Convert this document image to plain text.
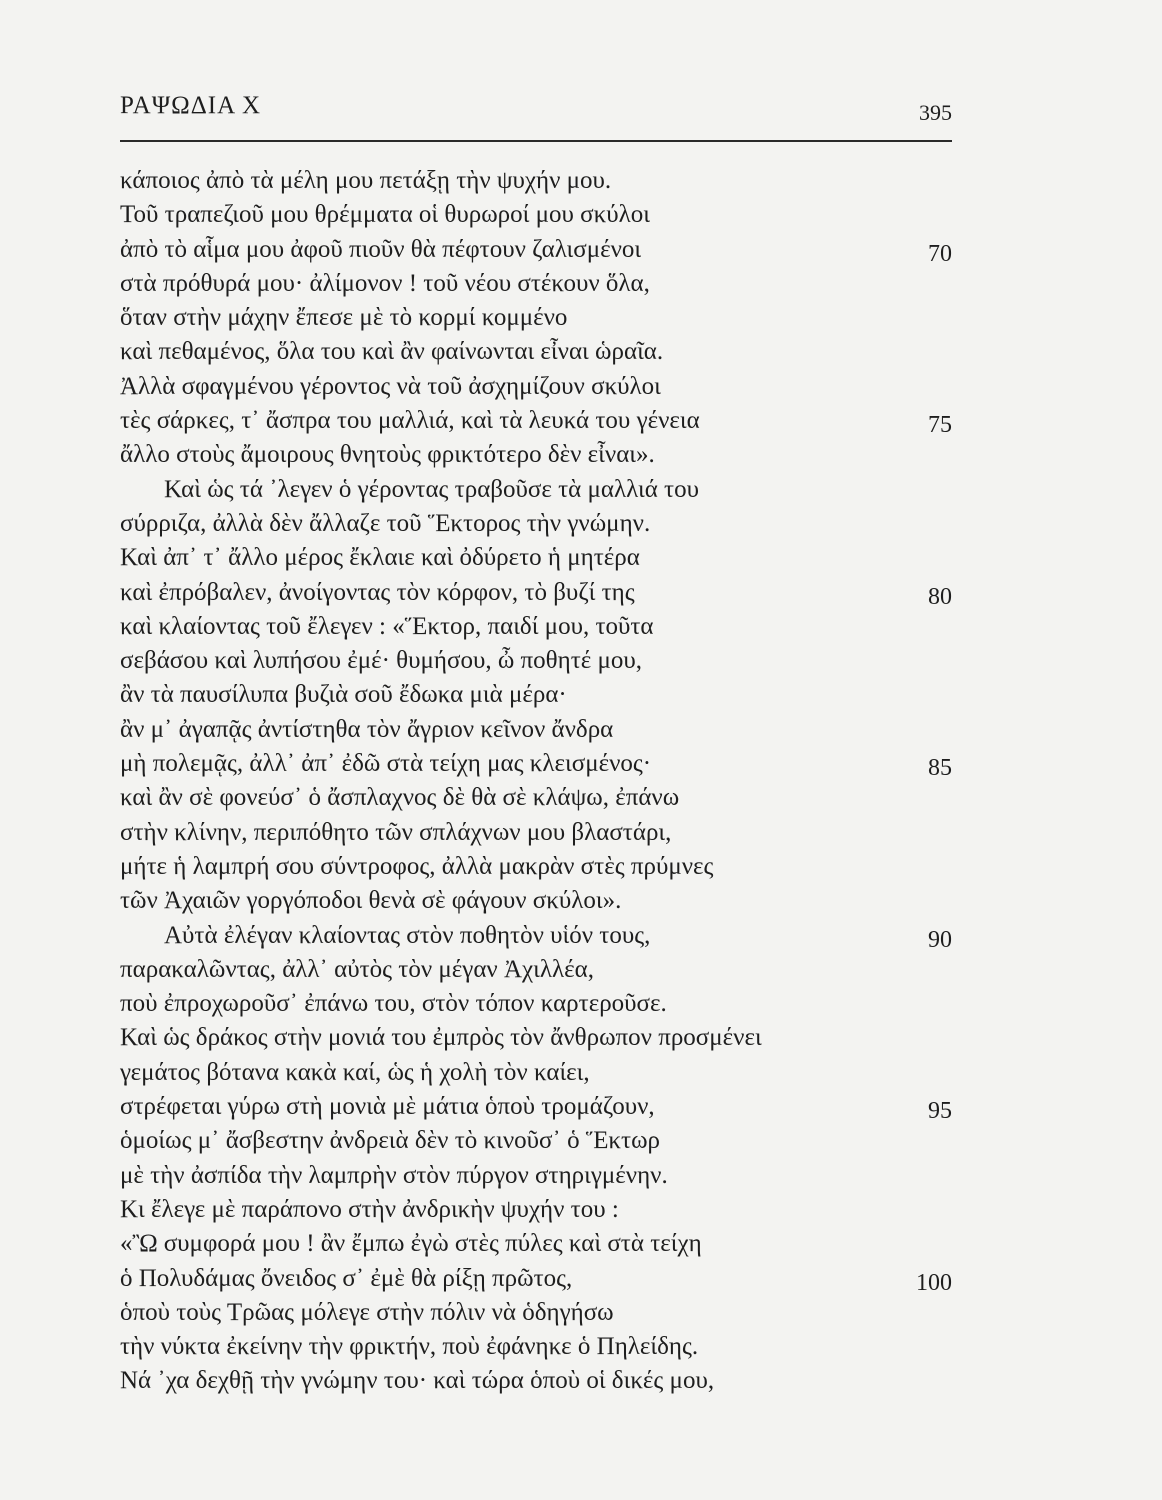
ΡΑΨΩΔΙΑ Χ	395
κάποιος ἀπὸ τὰ μέλη μου πετάξῃ τὴν ψυχήν μου.
Τοῦ τραπεζιοῦ μου θρέμματα οἱ θυρωροί μου σκύλοι
ἀπὸ τὸ αἷμα μου ἀφοῦ πιοῦν θὰ πέφτουν ζαλισμένοι	70
στὰ πρόθυρά μου· ἀλίμονον ! τοῦ νέου στέκουν ὅλα,
ὅταν στὴν μάχην ἔπεσε μὲ τὸ κορμί κομμένο
καὶ πεθαμένος, ὅλα του καὶ ἂν φαίνωνται εἶναι ὡραῖα.
Ἀλλὰ σφαγμένου γέροντος νὰ τοῦ ἀσχημίζουν σκύλοι
τὲς σάρκες, τ᾽ ἄσπρα του μαλλιά, καὶ τὰ λευκά του γένεια	75
ἄλλο στοὺς ἄμοιρους θνητοὺς φρικτότερο δὲν εἶναι».
Καὶ ὡς τά ᾽λεγεν ὁ γέροντας τραβοῦσε τὰ μαλλιά του
σύρριζα, ἀλλὰ δὲν ἄλλαζε τοῦ Ἕκτορος τὴν γνώμην.
Καὶ ἀπ᾽ τ᾽ ἄλλο μέρος ἔκλαιε καὶ ὀδύρετο ἡ μητέρα
καὶ ἐπρόβαλεν, ἀνοίγοντας τὸν κόρφον, τὸ βυζί της	80
καὶ κλαίοντας τοῦ ἔλεγεν : «Ἕκτορ, παιδί μου, τοῦτα
σεβάσου καὶ λυπήσου ἐμέ· θυμήσου, ὦ ποθητέ μου,
ἂν τὰ παυσίλυπα βυζιὰ σοῦ ἔδωκα μιὰ μέρα·
ἂν μ᾽ ἀγαπᾷς ἀντίστηθα τὸν ἄγριον κεῖνον ἄνδρα
μὴ πολεμᾷς, ἀλλ᾽ ἀπ᾽ ἐδῶ στὰ τείχη μας κλεισμένος·	85
καὶ ἂν σὲ φονεύσ᾽ ὁ ἄσπλαχνος δὲ θὰ σὲ κλάψω, ἐπάνω
στὴν κλίνην, περιπόθητο τῶν σπλάχνων μου βλαστάρι,
μήτε ἡ λαμπρή σου σύντροφος, ἀλλὰ μακρὰν στὲς πρύμνες
τῶν Ἀχαιῶν γοργόποδοι θενὰ σὲ φάγουν σκύλοι».
Αὐτὰ ἐλέγαν κλαίοντας στὸν ποθητὸν υἱόν τους,	90
παρακαλῶντας, ἀλλ᾽ αὐτὸς τὸν μέγαν Ἀχιλλέα,
ποὺ ἐπροχωροῦσ᾽ ἐπάνω του, στὸν τόπον καρτεροῦσε.
Καὶ ὡς δράκος στὴν μονιά του ἐμπρὸς τὸν ἄνθρωπον προσμένει
γεμάτος βότανα κακὰ καί, ὡς ἡ χολὴ τὸν καίει,
στρέφεται γύρω στὴ μονιὰ μὲ μάτια ὁποὺ τρομάζουν,	95
ὁμοίως μ᾽ ἄσβεστην ἀνδρειὰ δὲν τὸ κινοῦσ᾽ ὁ Ἕκτωρ
μὲ τὴν ἀσπίδα τὴν λαμπρὴν στὸν πύργον στηριγμένην.
Κι ἔλεγε μὲ παράπονο στὴν ἀνδρικὴν ψυχήν του :
«Ὢ συμφορά μου ! ἂν ἔμπω ἐγὼ στὲς πύλες καὶ στὰ τείχη
ὁ Πολυδάμας ὄνειδος σ᾽ ἐμὲ θὰ ρίξῃ πρῶτος,	100
ὁποὺ τοὺς Τρῶας μόλεγε στὴν πόλιν νὰ ὁδηγήσω
τὴν νύκτα ἐκείνην τὴν φρικτήν, ποὺ ἐφάνηκε ὁ Πηλείδης.
Νά ᾽χα δεχθῇ τὴν γνώμην του· καὶ τώρα ὁποὺ οἱ δικές μου,
